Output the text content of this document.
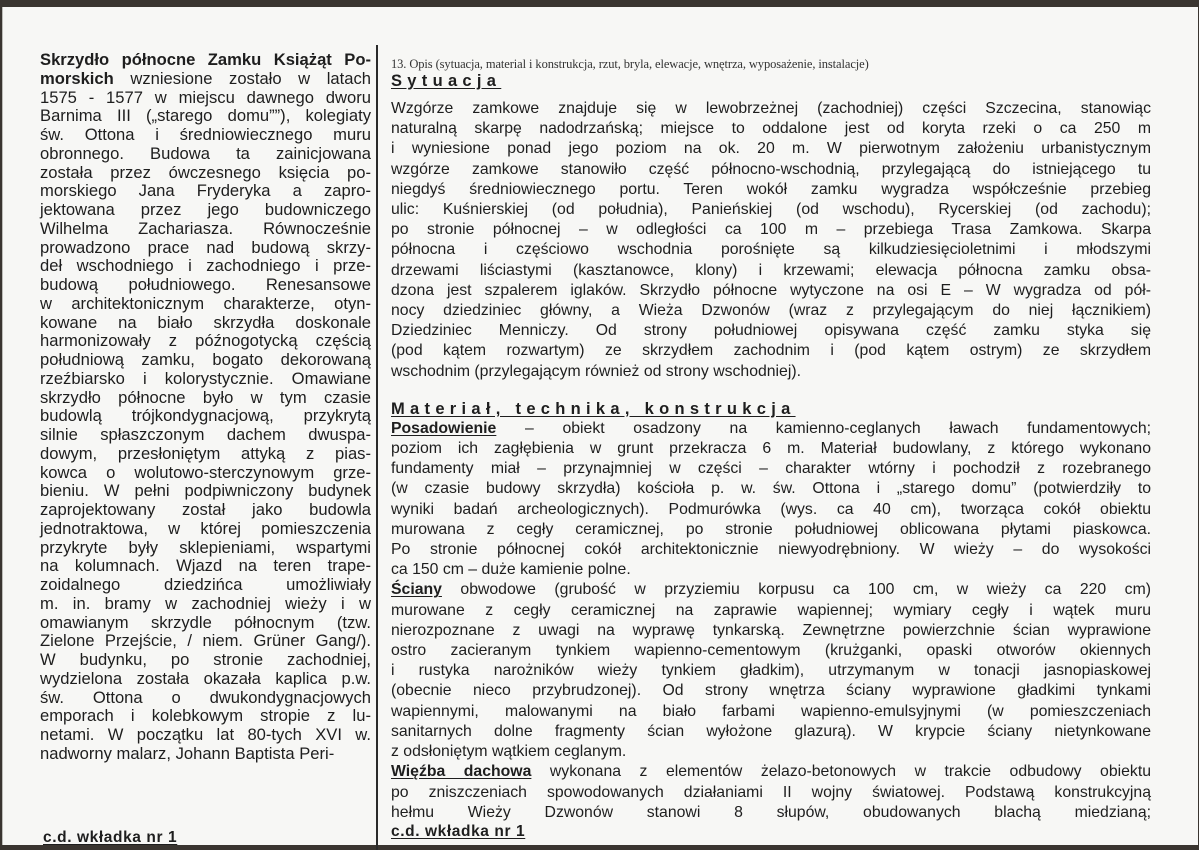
Skrzydło północne Zamku Książąt Po-
morskich wzniesione zostało w latach
1575 - 1577 w miejscu dawnego dworu
Barnima III („starego domu””), kolegiaty
św. Ottona i średniowiecznego muru
obronnego. Budowa ta zainicjowana
została przez ówczesnego księcia po-
morskiego Jana Fryderyka a zapro-
jektowana przez jego budowniczego
Wilhelma Zachariasza. Równocześnie
prowadzono prace nad budową skrzy-
deł wschodniego i zachodniego i prze-
budową południowego. Renesansowe
w architektonicznym charakterze, otyn-
kowane na biało skrzydła doskonale
harmonizowały z późnogotycką częścią
południową zamku, bogato dekorowaną
rzeźbiarsko i kolorystycznie. Omawiane
skrzydło północne było w tym czasie
budowlą trójkondygnacjową, przykrytą
silnie spłaszczonym dachem dwuspa-
dowym, przesłoniętym attyką z pias-
kowca o wolutowo-sterczynowym grze-
bieniu. W pełni podpiwniczony budynek
zaprojektowany został jako budowla
jednotraktowa, w której pomieszczenia
przykryte były sklepieniami, wspartymi
na kolumnach. Wjazd na teren trape-
zoidalnego dziedzińca umożliwiały
m. in. bramy w zachodniej wieży i w
omawianym skrzydle północnym (tzw.
Zielone Przejście, / niem. Grüner Gang/).
W budynku, po stronie zachodniej,
wydzielona została okazała kaplica p.w.
św. Ottona o dwukondygnacjowych
emporach i kolebkowym stropie z lu-
netami. W początku lat 80-tych XVI w.
nadworny malarz, Johann Baptista Peri-
c.d. wkładka nr 1
13. Opis (sytuacja, material i konstrukcja, rzut, bryla, elewacje, wnętrza, wyposażenie, instalacje)
Sytuacja
Wzgórze zamkowe znajduje się w lewobrzeżnej (zachodniej) części Szczecina, stanowiąc
naturalną skarpę nadodrzańską; miejsce to oddalone jest od koryta rzeki o ca 250 m
i wyniesione ponad jego poziom na ok. 20 m. W pierwotnym założeniu urbanistycznym
wzgórze zamkowe stanowiło część północno-wschodnią, przylegającą do istniejącego tu
niegdyś średniowiecznego portu. Teren wokół zamku wygradza współcześnie przebieg
ulic: Kuśnierskiej (od południa), Panieńskiej (od wschodu), Rycerskiej (od zachodu);
po stronie północnej – w odległości ca 100 m – przebiega Trasa Zamkowa. Skarpa
północna i częściowo wschodnia porośnięte są kilkudziesięcioletnimi i młodszymi
drzewami liściastymi (kasztanowce, klony) i krzewami; elewacja północna zamku obsa-
dzona jest szpalerem iglaków. Skrzydło północne wytyczone na osi E – W wygradza od pół-
nocy dziedziniec główny, a Wieża Dzwonów (wraz z przylegającym do niej łącznikiem)
Dziedziniec Menniczy. Od strony południowej opisywana część zamku styka się
(pod kątem rozwartym) ze skrzydłem zachodnim i (pod kątem ostrym) ze skrzydłem
wschodnim (przylegającym również od strony wschodniej).
Materiał, technika, konstrukcja
Posadowienie – obiekt osadzony na kamienno-ceglanych ławach fundamentowych;
poziom ich zagłębienia w grunt przekracza 6 m. Materiał budowlany, z którego wykonano
fundamenty miał – przynajmniej w części – charakter wtórny i pochodził z rozebranego
(w czasie budowy skrzydła) kościoła p. w. św. Ottona i „starego domu” (potwierdziły to
wyniki badań archeologicznych). Podmurówka (wys. ca 40 cm), tworząca cokół obiektu
murowana z cegły ceramicznej, po stronie południowej oblicowana płytami piaskowca.
Po stronie północnej cokół architektonicznie niewyodrębniony. W wieży – do wysokości
ca 150 cm – duże kamienie polne.
Ściany obwodowe (grubość w przyziemiu korpusu ca 100 cm, w wieży ca 220 cm)
murowane z cegły ceramicznej na zaprawie wapiennej; wymiary cegły i wątek muru
nierozpoznane z uwagi na wyprawę tynkarską. Zewnętrzne powierzchnie ścian wyprawione
ostro zacieranym tynkiem wapienno-cementowym (krużganki, opaski otworów okiennych
i rustyka narożników wieży tynkiem gładkim), utrzymanym w tonacji jasnopiaskowej
(obecnie nieco przybrudzonej). Od strony wnętrza ściany wyprawione gładkimi tynkami
wapiennymi, malowanymi na biało farbami wapienno-emulsyjnymi (w pomieszczeniach
sanitarnych dolne fragmenty ścian wyłożone glazurą). W krypcie ściany nietynkowane
z odsłoniętym wątkiem ceglanym.
Więźba dachowa wykonana z elementów żelazo-betonowych w trakcie odbudowy obiektu
po zniszczeniach spowodowanych działaniami II wojny światowej. Podstawą konstrukcyjną
hełmu Wieży Dzwonów stanowi 8 słupów, obudowanych blachą miedzianą;
c.d. wkładka nr 1
